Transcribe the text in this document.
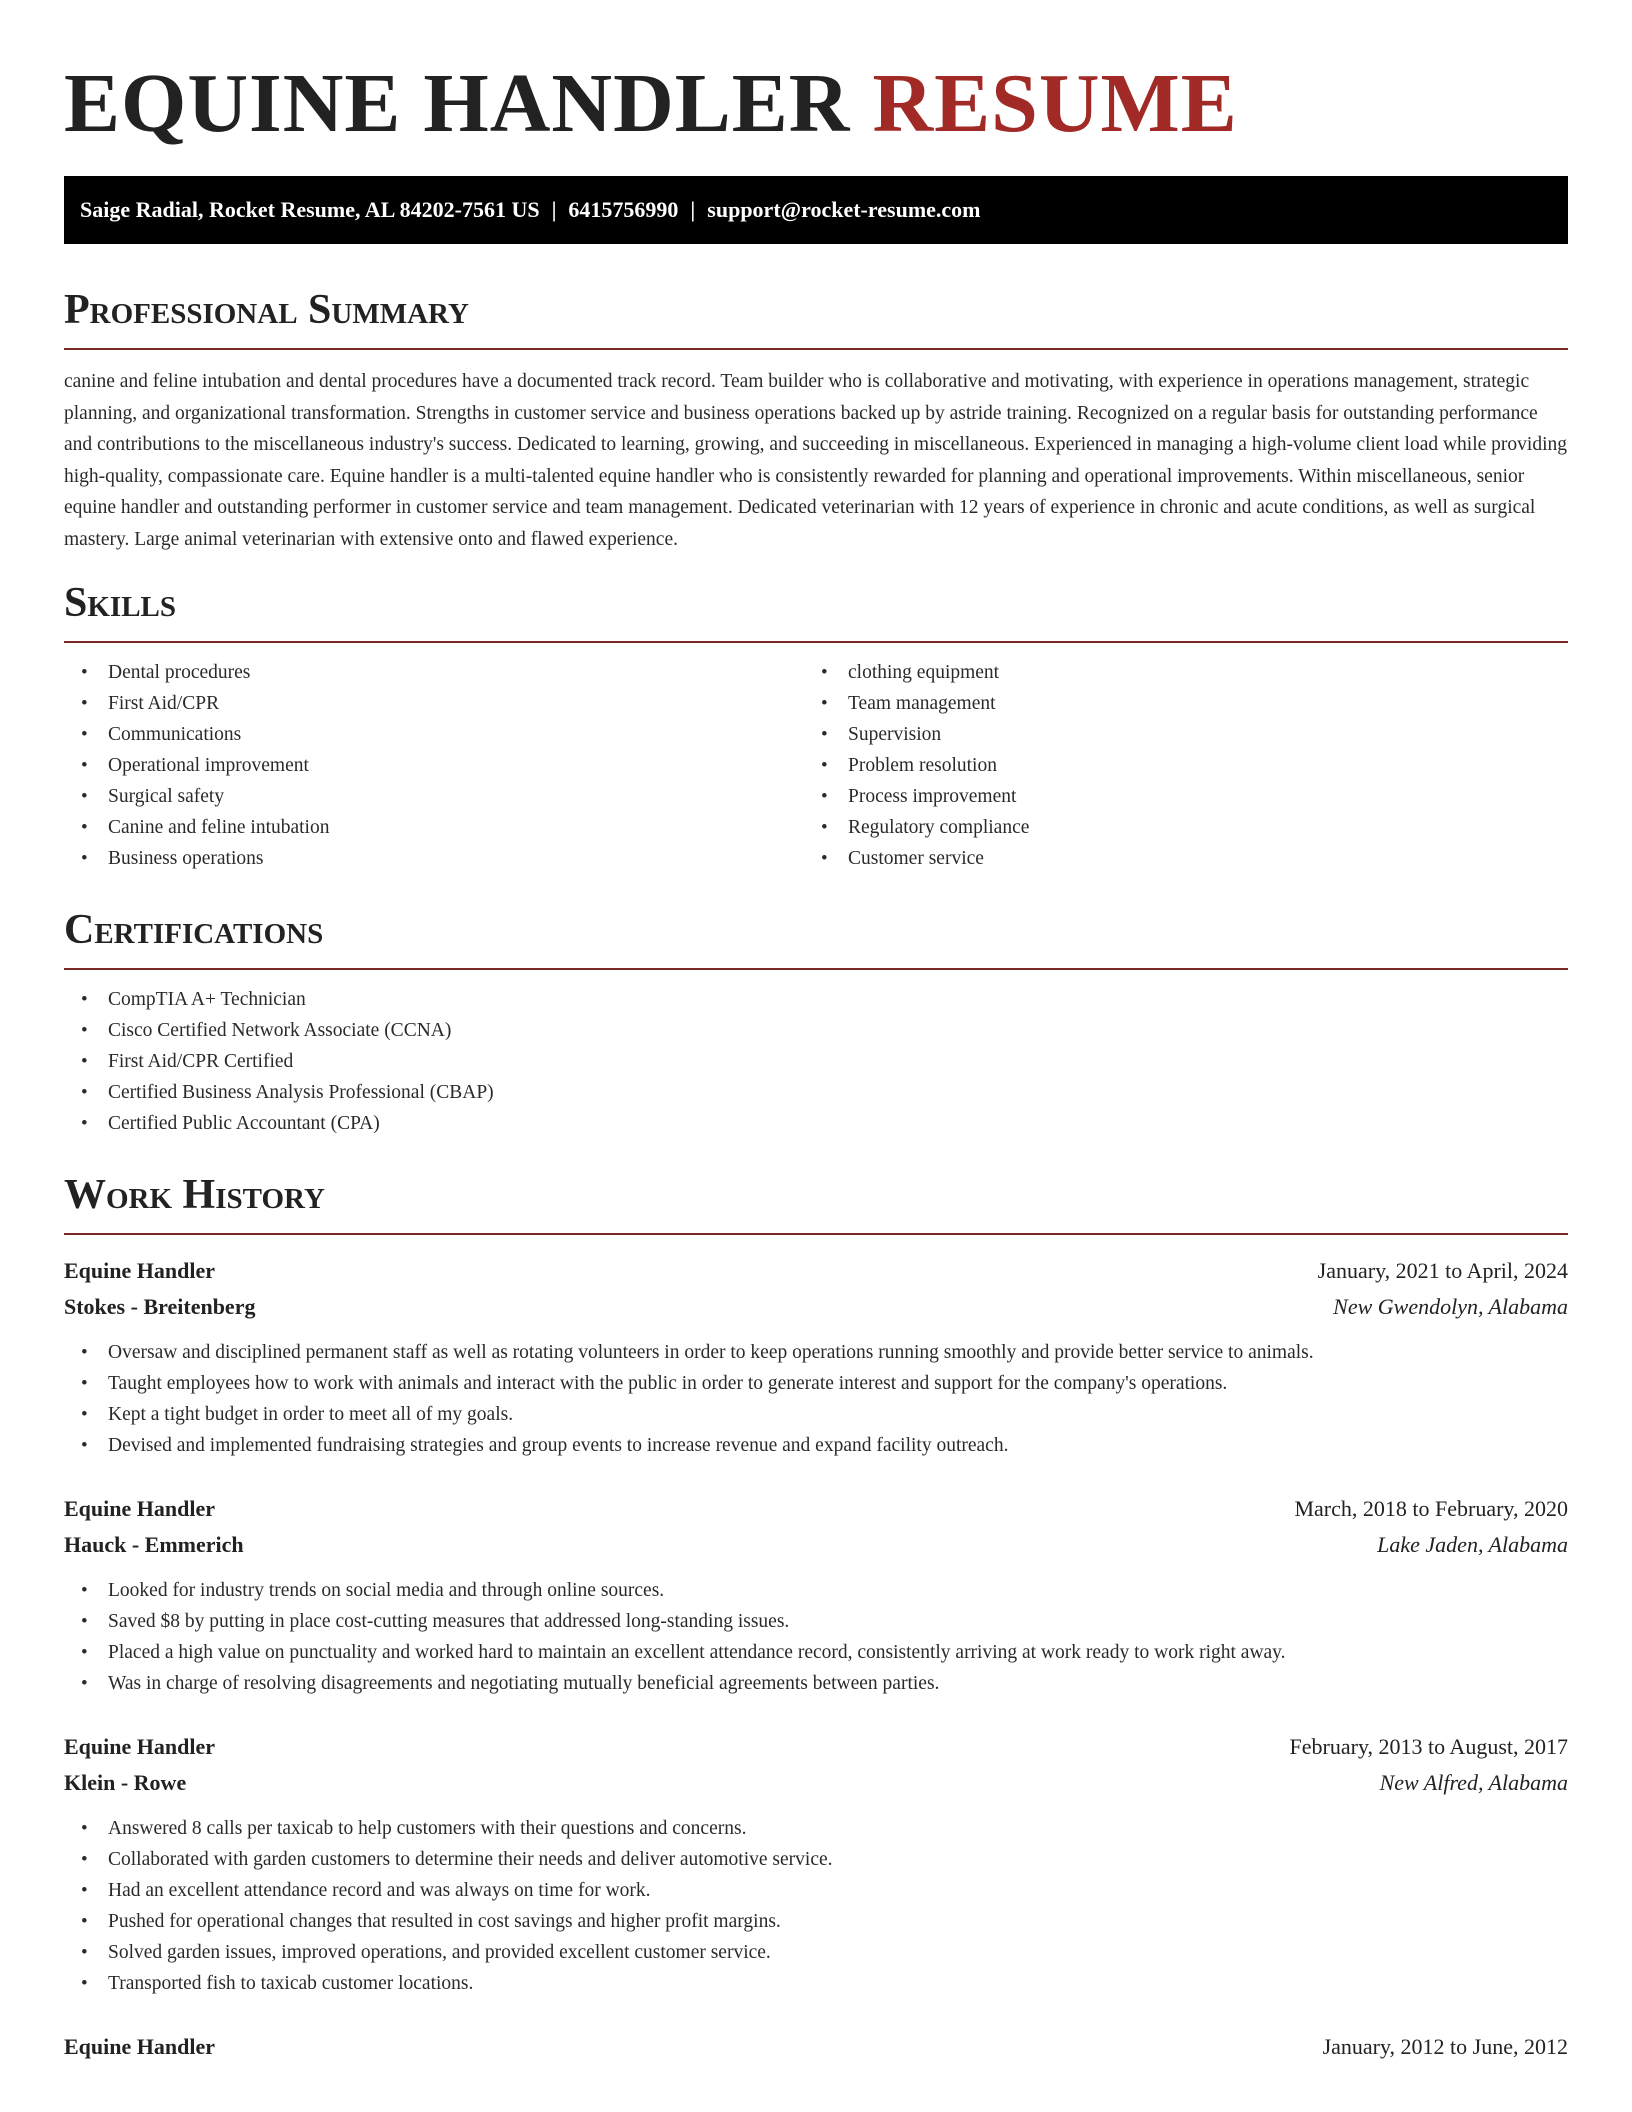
EQUINE HANDLER RESUME
Saige Radial, Rocket Resume, AL 84202-7561 US | 6415756990 | support@rocket-resume.com
Professional Summary

canine and feline intubation and dental procedures have a documented track record. Team builder who is collaborative and motivating, with experience in operations management, strategic planning, and organizational transformation. Strengths in customer service and business operations backed up by astride training. Recognized on a regular basis for outstanding performance and contributions to the miscellaneous industry's success. Dedicated to learning, growing, and succeeding in miscellaneous. Experienced in managing a high-volume client load while providing high-quality, compassionate care. Equine handler is a multi-talented equine handler who is consistently rewarded for planning and operational improvements. Within miscellaneous, senior equine handler and outstanding performer in customer service and team management. Dedicated veterinarian with 12 years of experience in chronic and acute conditions, as well as surgical mastery. Large animal veterinarian with extensive onto and flawed experience.

Skills
• Dental procedures
• First Aid/CPR
• Communications
• Operational improvement
• Surgical safety
• Canine and feline intubation
• Business operations
• clothing equipment
• Team management
• Supervision
• Problem resolution
• Process improvement
• Regulatory compliance
• Customer service
Certifications
• CompTIA A+ Technician
• Cisco Certified Network Associate (CCNA)
• First Aid/CPR Certified
• Certified Business Analysis Professional (CBAP)
• Certified Public Accountant (CPA)
Work History
Equine Handler	January, 2021 to April, 2024
Stokes - Breitenberg	New Gwendolyn, Alabama
• Oversaw and disciplined permanent staff as well as rotating volunteers in order to keep operations running smoothly and provide better service to animals.
• Taught employees how to work with animals and interact with the public in order to generate interest and support for the company's operations.
• Kept a tight budget in order to meet all of my goals.
• Devised and implemented fundraising strategies and group events to increase revenue and expand facility outreach.
Equine Handler	March, 2018 to February, 2020
Hauck - Emmerich	Lake Jaden, Alabama
• Looked for industry trends on social media and through online sources.
• Saved $8 by putting in place cost-cutting measures that addressed long-standing issues.
• Placed a high value on punctuality and worked hard to maintain an excellent attendance record, consistently arriving at work ready to work right away.
• Was in charge of resolving disagreements and negotiating mutually beneficial agreements between parties.
Equine Handler	February, 2013 to August, 2017
Klein - Rowe	New Alfred, Alabama
• Answered 8 calls per taxicab to help customers with their questions and concerns.
• Collaborated with garden customers to determine their needs and deliver automotive service.
• Had an excellent attendance record and was always on time for work.
• Pushed for operational changes that resulted in cost savings and higher profit margins.
• Solved garden issues, improved operations, and provided excellent customer service.
• Transported fish to taxicab customer locations.
Equine Handler	January, 2012 to June, 2012
